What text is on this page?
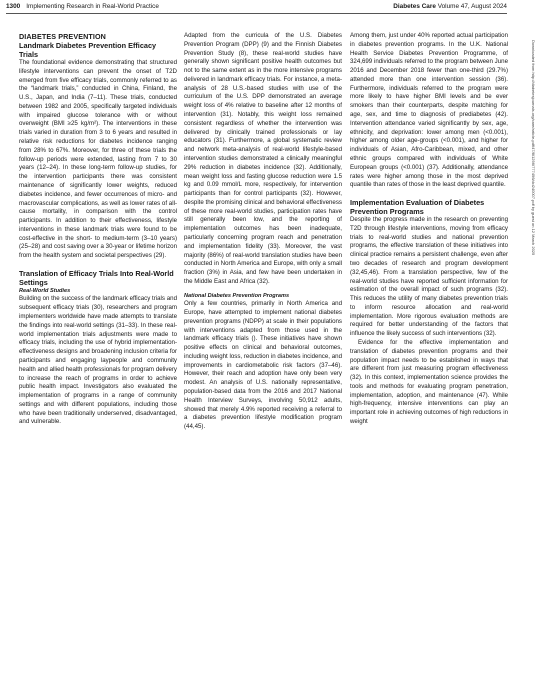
1300 Implementing Research in Real-World Practice	Diabetes Care Volume 47, August 2024
DIABETES PREVENTION
Landmark Diabetes Prevention Efficacy Trials

The foundational evidence demonstrating that structured lifestyle interventions can prevent the onset of T2D emerged from five efficacy trials, commonly referred to as the “landmark trials,” conducted in China, Finland, the U.S., Japan, and India (7–11). These trials, conducted between 1982 and 2005, specifically targeted individuals with impaired glucose tolerance with or without overweight (BMI ≥25 kg/m²). The interventions in these trials varied in duration from 3 to 6 years and resulted in relative risk reductions for diabetes incidence ranging from 28% to 67%. Moreover, for three of these trials the follow-up periods were extended, lasting from 7 to 30 years (12–24). In these long-term follow-up studies, for the intervention participants there was consistent maintenance of significantly lower weights, reduced diabetes incidence, and fewer occurrences of micro- and macrovascular complications, as well as lower rates of all-cause mortality, in comparison with the control participants. In addition to their effectiveness, lifestyle interventions in these landmark trials were found to be cost-effective in the short- to medium-term (3–10 years) (25–28) and cost saving over a 30-year or lifetime horizon from the health system and societal perspectives (29).

Translation of Efficacy Trials Into Real-World Settings
Real-World Studies

Building on the success of the landmark efficacy trials and subsequent efficacy trials (30), researchers and program implementers worldwide have made attempts to translate the findings into real-world settings (31–33). In these real-world implementation trials adjustments were made to efficacy trials, including the use of hybrid implementation-effectiveness designs and broadening inclusion criteria for participants and engaging laypeople and community health and allied health professionals for program delivery to increase the reach of programs in order to achieve public health impact. Investigators also evaluated the implementation of programs in a range of community settings and with different populations, including those who have been traditionally underserved, disadvantaged, and vulnerable.

Adapted from the curricula of the U.S. Diabetes Prevention Program (DPP) (9) and the Finnish Diabetes Prevention Study (8), these real-world studies have generally shown significant positive health outcomes but not to the same extent as in the more intensive programs delivered in landmark efficacy trials. For instance, a meta-analysis of 28 U.S.-based studies with use of the curriculum of the U.S. DPP demonstrated an average weight loss of 4% relative to baseline after 12 months of intervention (31). Notably, this weight loss remained consistent regardless of whether the intervention was delivered by clinically trained professionals or lay educators (31). Furthermore, a global systematic review and network meta-analysis of real-world lifestyle-based intervention studies demonstrated a clinically meaningful 29% reduction in diabetes incidence (32). Additionally, mean weight loss and fasting glucose reduction were 1.5 kg and 0.09 mmol/L more, respectively, for intervention participants than for control participants (32). However, despite the promising clinical and behavioral effectiveness of these more real-world studies, participation rates have still generally been low, and the reporting of implementation outcomes has been inadequate, particularly concerning program reach and penetration and implementation fidelity (33). Moreover, the vast majority (86%) of real-world translation studies have been conducted in North America and Europe, with only a small fraction (3%) in Asia, and few have been undertaken in the Middle East and Africa (32).

National Diabetes Prevention Programs

Only a few countries, primarily in North America and Europe, have attempted to implement national diabetes prevention programs (NDPP) at scale in their populations with interventions adapted from those used in the landmark efficacy trials (). These initiatives have shown positive effects on clinical and behavioral outcomes, including weight loss, reduction in diabetes incidence, and improvements in cardiometabolic risk factors (37–46). However, their reach and adoption have only been very modest. An analysis of U.S. nationally representative, population-based data from the 2016 and 2017 National Health Interview Surveys, involving 50,912 adults, showed that merely 4.9% reported receiving a referral to a diabetes prevention lifestyle modification program (44,45).

Among them, just under 40% reported actual participation in diabetes prevention programs. In the U.K. National Health Service Diabetes Prevention Programme, of 324,699 individuals referred to the program between June 2016 and December 2018 fewer than one-third (29.7%) attended more than one intervention session (36). Furthermore, individuals referred to the program were more likely to have higher BMI levels and be ever smokers than their counterparts, despite matching for age, sex, and time to diagnosis of prediabetes (42). Intervention attendance varied significantly by sex, age, ethnicity, and deprivation: lower among men (<0.001), higher among older age-groups (<0.001), and higher for individuals of Asian, Afro-Caribbean, mixed, and other ethnic groups compared with individuals of White European groups (<0.001) (37). Additionally, attendance rates were higher among those in the most deprived quantile than rates of those in the least deprived quantile.

Implementation Evaluation of Diabetes Prevention Programs

Despite the progress made in the research on preventing T2D through lifestyle interventions, moving from efficacy trials to real-world studies and national prevention programs, the effective translation of these initiatives into clinical practice remains a persistent challenge, even after two decades of research and program development (32,45,46). From a translation perspective, few of the real-world studies have reported sufficient information for estimation of the overall impact of such programs (32). This reduces the utility of many diabetes prevention trials to inform resource allocation and real-world implementation. More rigorous evaluation methods are required for better understanding of the factors that influence the likely success of such interventions (32).

Evidence for the effective implementation and translation of diabetes prevention programs and their population impact needs to be established in ways that are different from just measuring program effectiveness (32). In this context, implementation science provides the tools and methods for evaluating program penetration, implementation, adoption, and maintenance (47). While high-frequency, intensive interventions can play an important role in achieving outcomes of high reductions in weight

Downloaded from http://diabetesjournals.org/care/article-pdf/47/8/1296/777496/dci240007.pdf by guest on 12 March 2025
